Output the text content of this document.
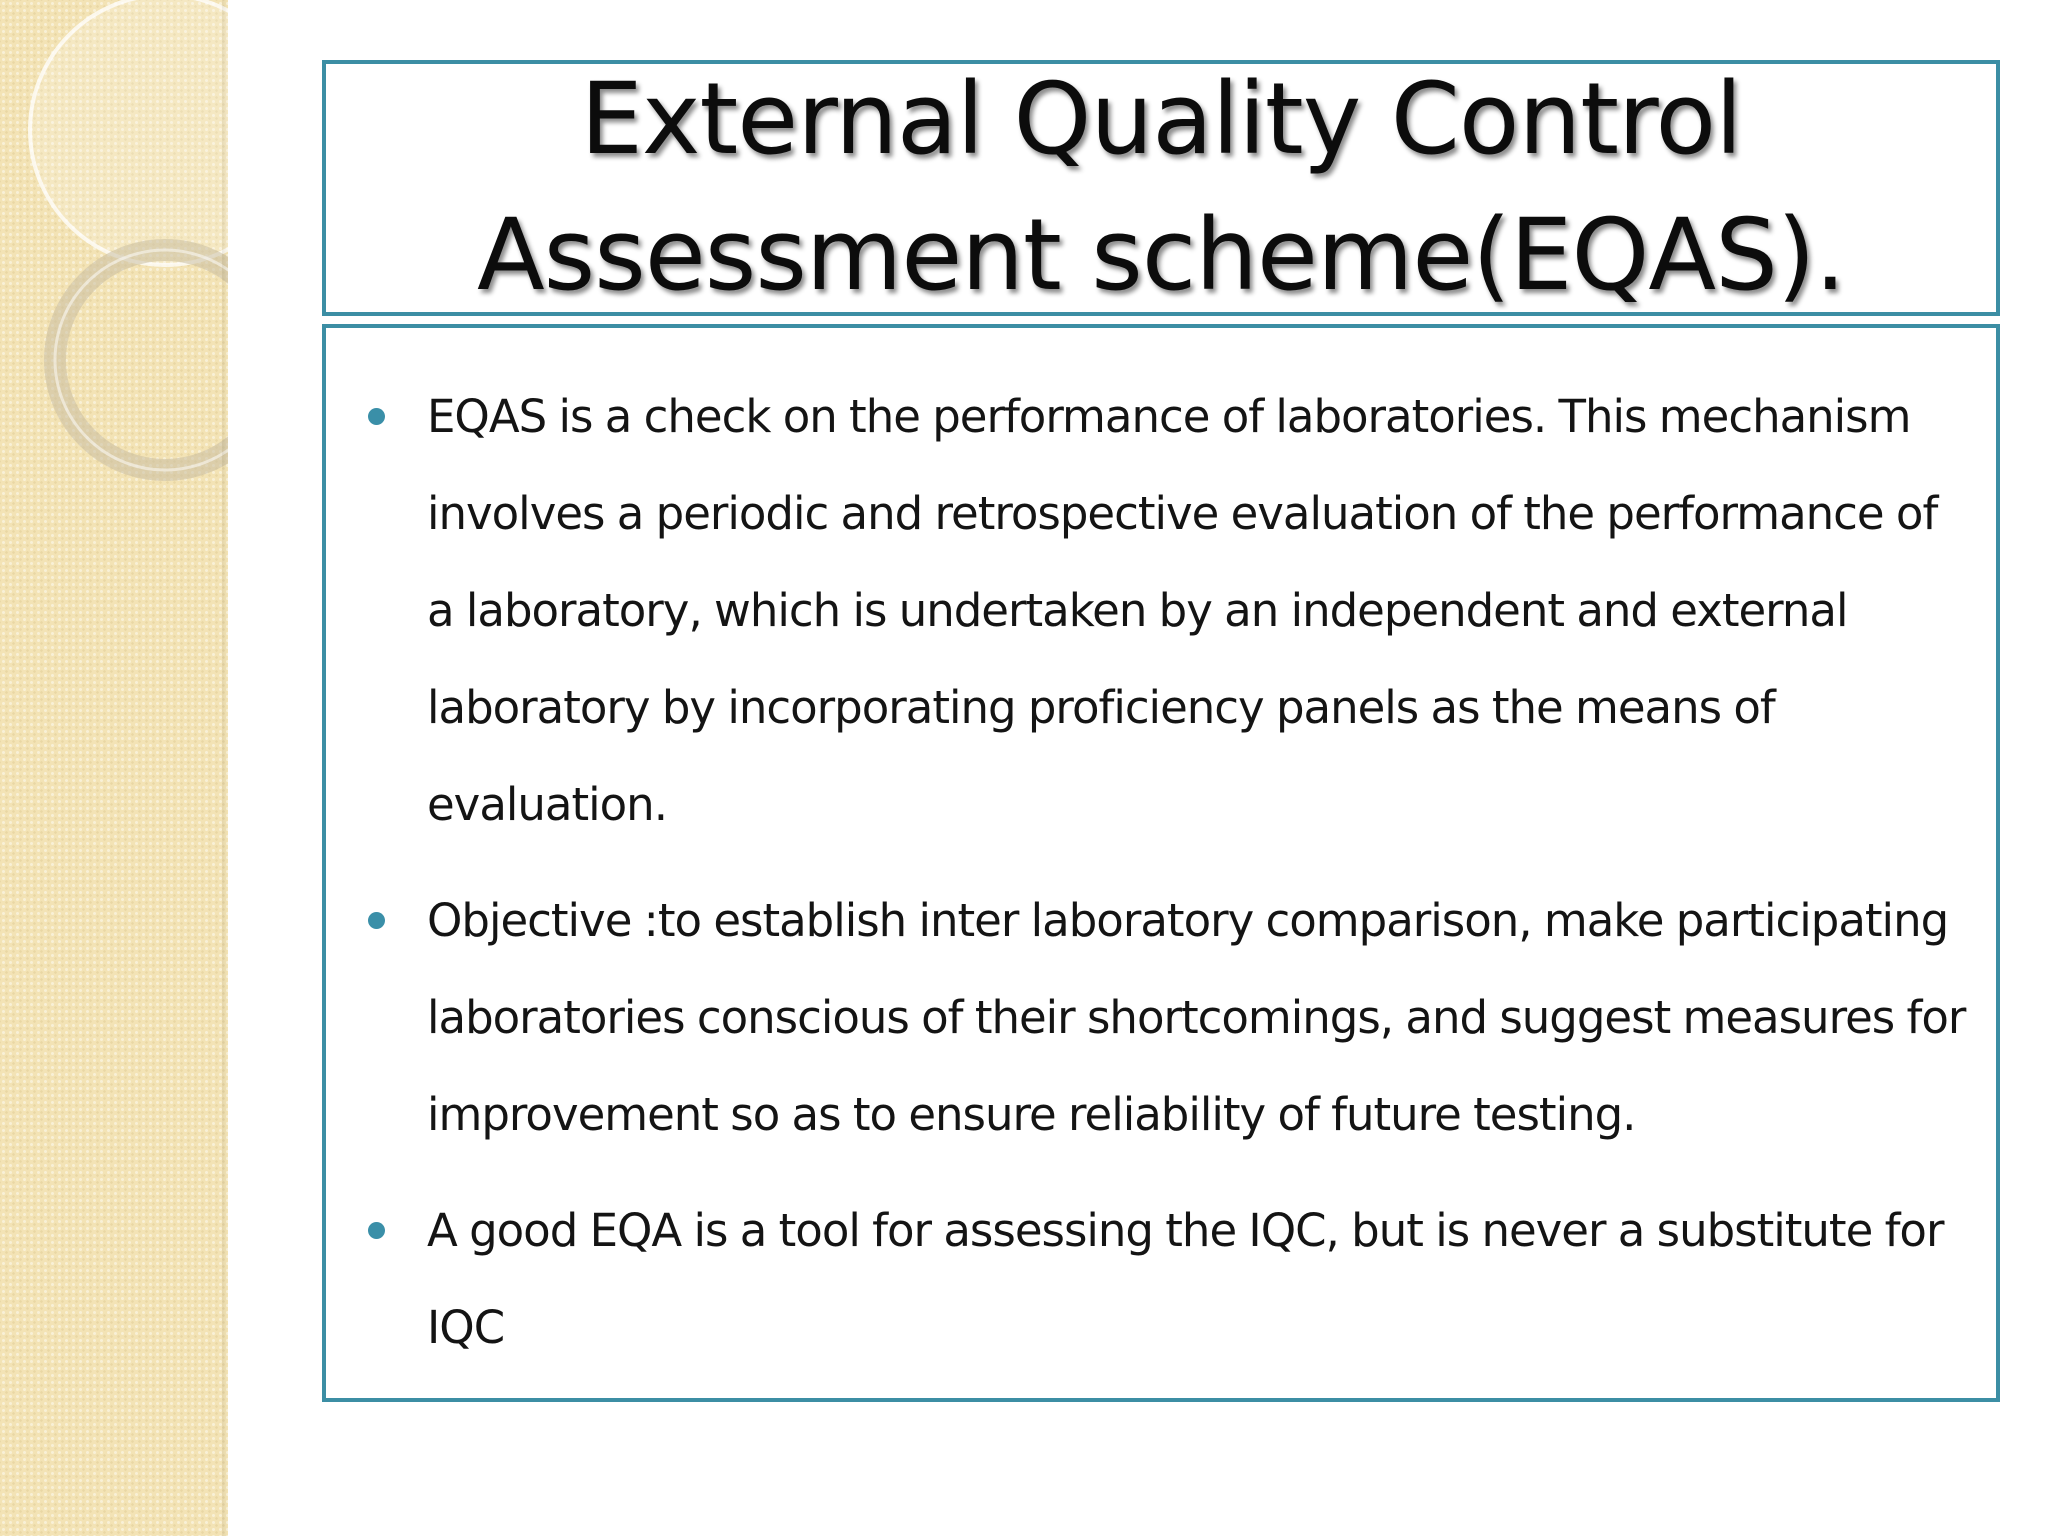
External Quality Control
Assessment scheme(EQAS).
EQAS is a check on the performance of laboratories. This mechanism involves a periodic and retrospective evaluation of the performance of a laboratory, which is undertaken by an independent and external laboratory by incorporating proficiency panels as the means of evaluation.
Objective :to establish inter laboratory comparison, make participating laboratories conscious of their shortcomings, and suggest measures for improvement so as to ensure reliability of future testing.
A good EQA is a tool for assessing the IQC, but is never a substitute for IQC
